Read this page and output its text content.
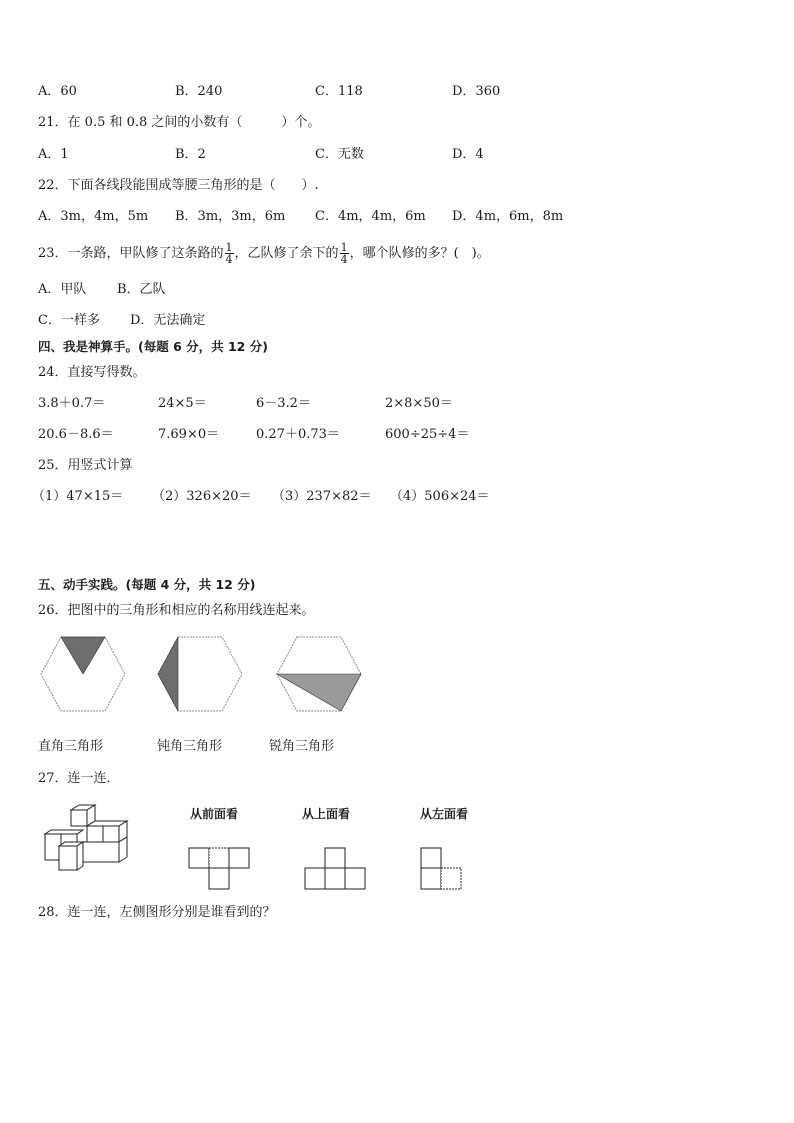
A．60	B．240	C．118	D．360
21．在 0.5 和 0.8 之间的小数有（　　　）个。
A．1	B．2	C．无数	D．4
22．下面各线段能围成等腰三角形的是（　　）.
A．3m，4m，5m B．3m，3m，6m C．4m，4m，6m D．4m，6m，8m
23．一条路，甲队修了这条路的 $\frac{1}{4}$ ，乙队修了余下的 $\frac{1}{4}$ ，哪个队修的多？(　)。
A．甲队 B．乙队
C．一样多 D．无法确定
四、我是神算手。(每题 6 分，共 12 分)
24．直接写得数。
3.8＋0.7＝	24×5＝	6－3.2＝	2×8×50＝
20.6－8.6＝	7.69×0＝	0.27＋0.73＝	600÷25÷4＝
25．用竖式计算
（1）47×15＝ （2）326×20＝ （3）237×82＝ （4）506×24＝
五、动手实践。(每题 4 分，共 12 分)
26．把图中的三角形和相应的名称用线连起来。
直角三角形	钝角三角形	锐角三角形
27．连一连．
从前面看	从上面看	从左面看
28．连一连，左侧图形分别是谁看到的？
